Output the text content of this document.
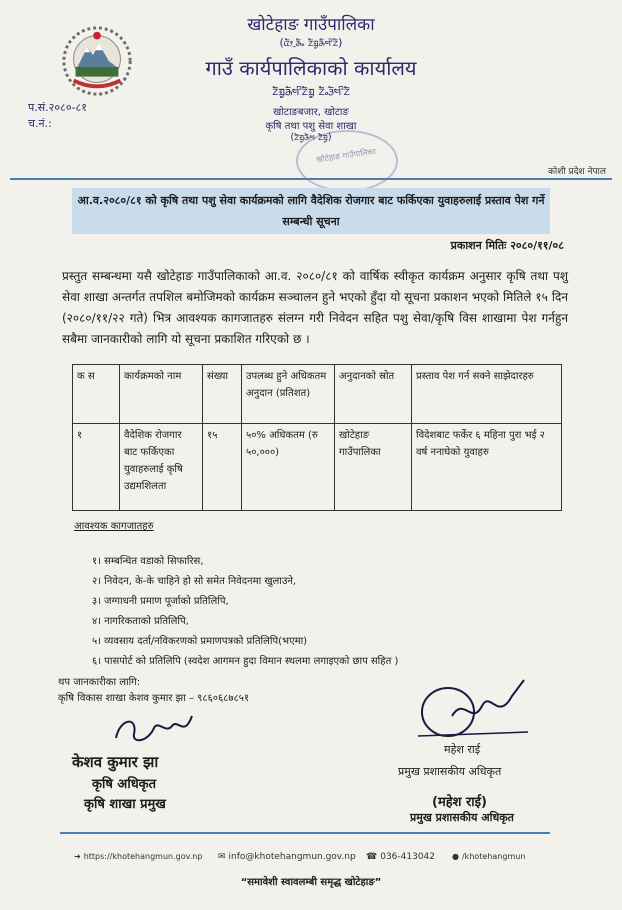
खोटेहाङ गाउँपालिका
(ᤂᤥᤳᤌᤠᤱ ᤁᤠᤀᤢᤌᤠᤗᤡᤁᤠ)
गाउँ कार्यपालिकाको कार्यालय
ᤁᤠᤀᤢᤌᤠᤗᤡᤁᤠᤀᤢ ᤁᤠᤱᤋᤠᤗᤡᤁᤠ
खोटाङबजार, खोटाङ
कृषि तथा पशु सेवा शाखा
(ᤁᤠᤀᤢᤌᤠᤗ ᤁᤠᤀᤢ)
प.सं.२०८०-८१
च.नं.:
खोटेहाङ गाउँपालिका
कोशी प्रदेश नेपाल
आ.व.२०८०/८१ को कृषि तथा पशु सेवा कार्यक्रमको लागि वैदेशिक रोजगार बाट फर्किएका युवाहरुलाई प्रस्ताव पेश गर्ने सम्बन्धी सूचना
प्रकाशन मितिः २०८०/११/०८
प्रस्तुत सम्बन्धमा यसै खोटेहाङ गाउँपालिकाको आ.व. २०८०/८१ को वार्षिक स्वीकृत कार्यक्रम अनुसार कृषि तथा पशु सेवा शाखा अन्तर्गत तपशिल बमोजिमको कार्यक्रम सञ्चालन हुने भएको हुँदा यो सूचना प्रकाशन भएको मितिले १५ दिन (२०८०/११/२२ गते) भित्र आवश्यक कागजातहरु संलग्न गरी निवेदन सहित पशु सेवा/कृषि विस शाखामा पेश गर्नहुन सबैमा जानकारीको लागि यो सूचना प्रकाशित गरिएको छ ।
क स	कार्यक्रमको नाम	संख्या	उपलब्ध हुने अधिकतम अनुदान (प्रतिशत)	अनुदानको स्रोत	प्रस्ताव पेश गर्न सक्ने साझेदारहरु
१	वैदेशिक रोजगार बाट फर्किएका युवाहरुलाई कृषि उद्यमशिलता	१५	५०% अधिकतम (रु ५०,०००)	खोटेहाङ गाउँपालिका	विदेशबाट फर्केर ६ महिना पुरा भई २ वर्ष ननाघेको युवाहरु
आवश्यक कागजातहरु
१। सम्बन्धित वडाको सिफारिस,
२। निवेदन, के-के चाहिने हो सो समेत निवेदनमा खुलाउने,
३। जग्गाधनी प्रमाण पूर्जाको प्रतिलिपि,
४। नागरिकताको प्रतिलिपि,
५। व्यवसाय दर्ता/नविकरणको प्रमाणपत्रको प्रतिलिपि(भएमा)
६। पासपोर्ट को प्रतिलिपि (स्वदेश आगमन हुदा विमान स्थलमा लगाइएको छाप सहित )
थप जानकारीका लागि:
कृषि विकास शाखा केशव कुमार झा – ९८६०६८७८५१
केशव कुमार झा
कृषि अधिकृत
कृषि शाखा प्रमुख
महेश राई
प्रमुख प्रशासकीय अधिकृत
(महेश राई)
प्रमुख प्रशासकीय अधिकृत
➜ https://khotehangmun.gov.np ✉ info@khotehangmun.gov.np ☎ 036-413042 ● /khotehangmun
“समावेशी स्वावलम्बी समृद्ध खोटेहाङ”
